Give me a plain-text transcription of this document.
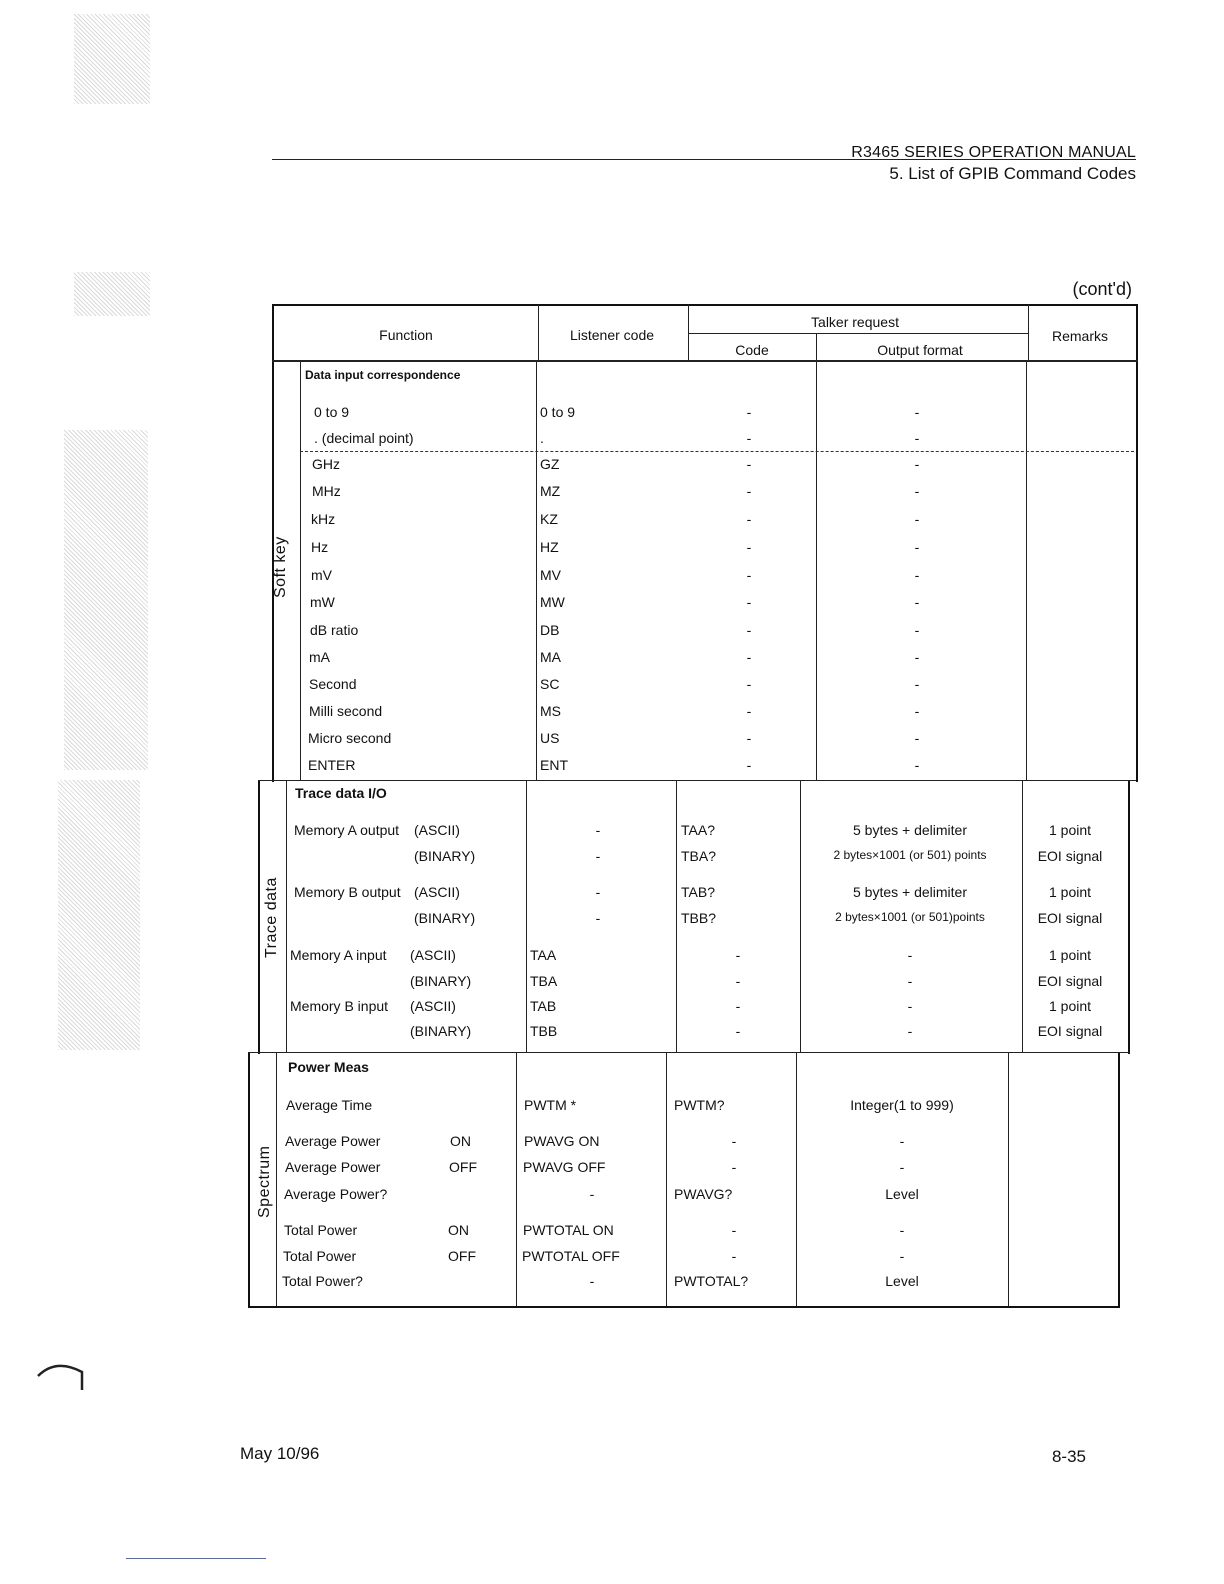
R3465 SERIES OPERATION MANUAL
5. List of GPIB Command Codes
(cont'd)
Function	Listener code
Talker request
Code	Output format
Remarks
Soft key
Trace data
Spectrum
Data input correspondence
0 to 9	0 to 9	-	-
. (decimal point)	.	-	-
GHz	GZ	-	-
MHz	MZ	-	-
kHz	KZ	-	-
Hz	HZ	-	-
mV	MV	-	-
mW	MW	-	-
dB ratio	DB	-	-
mA	MA	-	-
Second	SC	-	-
Milli second	MS	-	-
Micro second	US	-	-
ENTER	ENT	-	-
Trace data I/O
Memory A output (ASCII)	-	TAA?	5 bytes + delimiter	1 point
(BINARY)	-	TBA?	2 bytes×1001 (or 501) points	EOI signal
Memory B output (ASCII)	-	TAB?	5 bytes + delimiter	1 point
(BINARY)	-	TBB?	2 bytes×1001 (or 501)points	EOI signal
Memory A input (ASCII)	TAA	-	-	1 point
(BINARY)	TBA	-	-	EOI signal
Memory B input (ASCII)	TAB	-	-	1 point
(BINARY)	TBB	-	-	EOI signal
Power Meas
Average Time	PWTM *	PWTM?	Integer(1 to 999)
Average Power	ON	PWAVG ON	-	-
Average Power	OFF	PWAVG OFF	-	-
Average Power?	-	PWAVG?	Level
Total Power	ON	PWTOTAL ON	-	-
Total Power	OFF	PWTOTAL OFF	-	-
Total Power?	-	PWTOTAL?	Level
May 10/96	8-35
